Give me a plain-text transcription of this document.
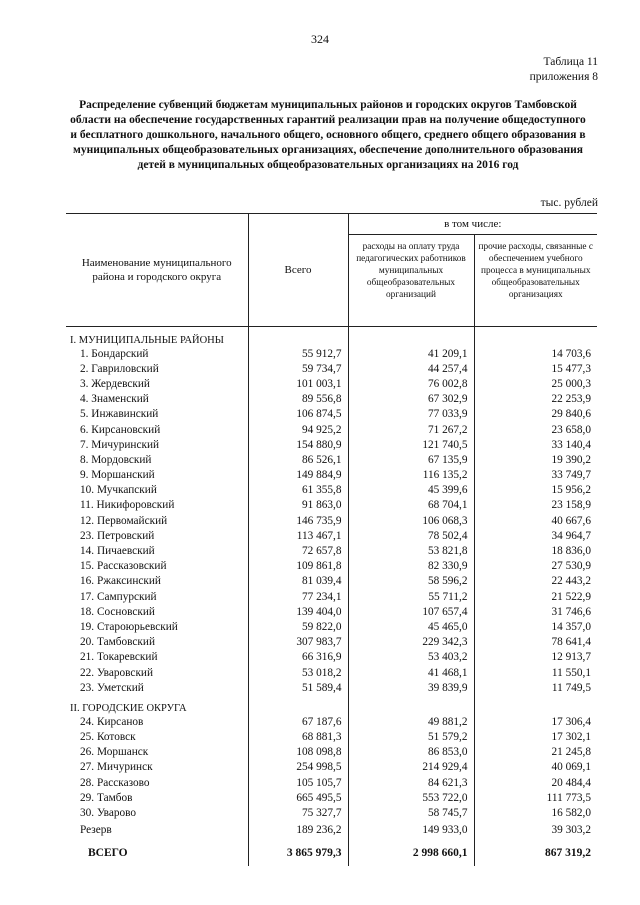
324
Таблица 11
приложения 8
Распределение субвенций бюджетам муниципальных районов и городских округов Тамбовской области на обеспечение государственных гарантий реализации прав на получение общедоступного и бесплатного дошкольного, начального общего, основного общего, среднего общего образования в муниципальных общеобразовательных организациях, обеспечение дополнительного образования детей в муниципальных общеобразовательных организациях на 2016 год
тыс. рублей
Наименование муниципального района и городского округа	Всего	в том числе:	
		расходы на оплату труда педагогических работников муниципальных общеобразовательных организаций	прочие расходы, связанные с обеспечением учебного процесса в муниципальных общеобразовательных организациях
I. МУНИЦИПАЛЬНЫЕ РАЙОНЫ			
1. Бондарский	55 912,7	41 209,1	14 703,6
2. Гавриловский	59 734,7	44 257,4	15 477,3
3. Жердевский	101 003,1	76 002,8	25 000,3
4. Знаменский	89 556,8	67 302,9	22 253,9
5. Инжавинский	106 874,5	77 033,9	29 840,6
6. Кирсановский	94 925,2	71 267,2	23 658,0
7. Мичуринский	154 880,9	121 740,5	33 140,4
8. Мордовский	86 526,1	67 135,9	19 390,2
9. Моршанский	149 884,9	116 135,2	33 749,7
10. Мучкапский	61 355,8	45 399,6	15 956,2
11. Никифоровский	91 863,0	68 704,1	23 158,9
12. Первомайский	146 735,9	106 068,3	40 667,6
23. Петровский	113 467,1	78 502,4	34 964,7
14. Пичаевский	72 657,8	53 821,8	18 836,0
15. Рассказовский	109 861,8	82 330,9	27 530,9
16. Ржаксинский	81 039,4	58 596,2	22 443,2
17. Сампурский	77 234,1	55 711,2	21 522,9
18. Сосновский	139 404,0	107 657,4	31 746,6
19. Староюрьевский	59 822,0	45 465,0	14 357,0
20. Тамбовский	307 983,7	229 342,3	78 641,4
21. Токаревский	66 316,9	53 403,2	12 913,7
22. Уваровский	53 018,2	41 468,1	11 550,1
23. Уметский	51 589,4	39 839,9	11 749,5
II. ГОРОДСКИЕ ОКРУГА			
24. Кирсанов	67 187,6	49 881,2	17 306,4
25. Котовск	68 881,3	51 579,2	17 302,1
26. Моршанск	108 098,8	86 853,0	21 245,8
27. Мичуринск	254 998,5	214 929,4	40 069,1
28. Рассказово	105 105,7	84 621,3	20 484,4
29. Тамбов	665 495,5	553 722,0	111 773,5
30. Уварово	75 327,7	58 745,7	16 582,0
Резерв	189 236,2	149 933,0	39 303,2
ВСЕГО	3 865 979,3	2 998 660,1	867 319,2
